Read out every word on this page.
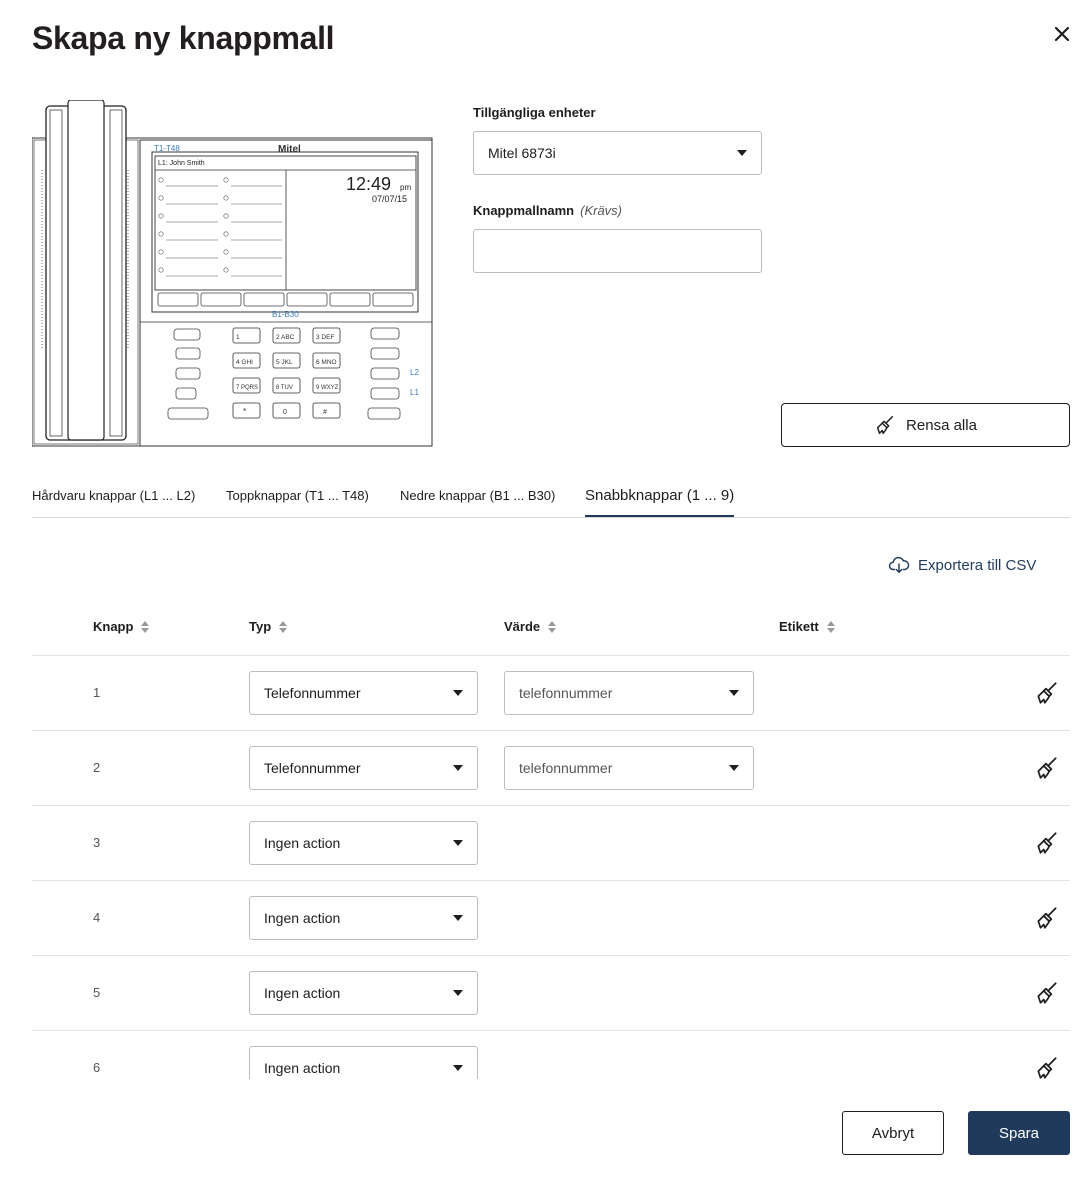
Skapa ny knappmall
T1-T48	Mitel
L1: John Smith
12:49 pm
07/07/15
B1-B30
1	2 ABC	3 DEF
4 GHI	5 JKL	6 MNO
7 PQRS	8 TUV	9 WXYZ
*	0	#
L2
L1
Tillgängliga enheter
Mitel 6873i
Knappmallnamn (Krävs)
Rensa alla
Hårdvaru knappar (L1 ... L2) Toppknappar (T1 ... T48) Nedre knappar (B1 ... B30) Snabbknappar (1 ... 9)
Exportera till CSV
Knapp	Typ	Värde	Etikett
1	Telefonnummer	telefonnummer
2	Telefonnummer	telefonnummer
3	Ingen action
4	Ingen action
5	Ingen action
6	Ingen action
Avbryt	Spara
